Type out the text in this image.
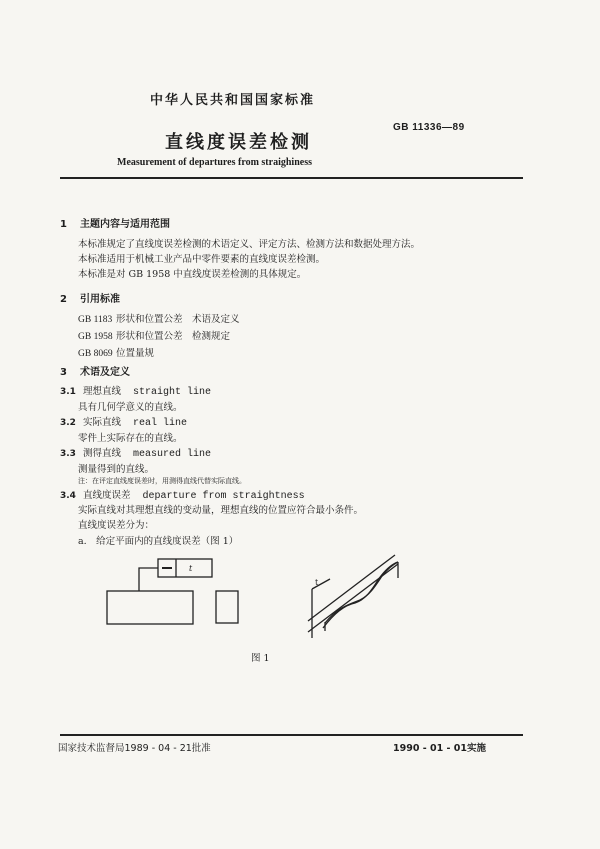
中华人民共和国国家标准
直线度误差检测
GB 11336—89
Measurement of departures from straighiness
1 主题内容与适用范围
本标准规定了直线度误差检测的术语定义、评定方法、检测方法和数据处理方法。
本标准适用于机械工业产品中零件要素的直线度误差检测。
本标准是对 GB 1958 中直线度误差检测的具体规定。
2 引用标准
GB 1183 形状和位置公差　术语及定义
GB 1958 形状和位置公差　检测规定
GB 8069 位置量规
3 术语及定义
3.1 理想直线 straight line
具有几何学意义的直线。
3.2 实际直线 real line
零件上实际存在的直线。
3.3 测得直线 measured line
测量得到的直线。
注：在评定直线度误差时，用测得直线代替实际直线。
3.4 直线度误差 departure from straightness
实际直线对其理想直线的变动量，理想直线的位置应符合最小条件。
直线度误差分为：
a.　给定平面内的直线度误差（图 1）
t
t
图 1
国家技术监督局1989 - 04 - 21批准	1990 - 01 - 01实施
